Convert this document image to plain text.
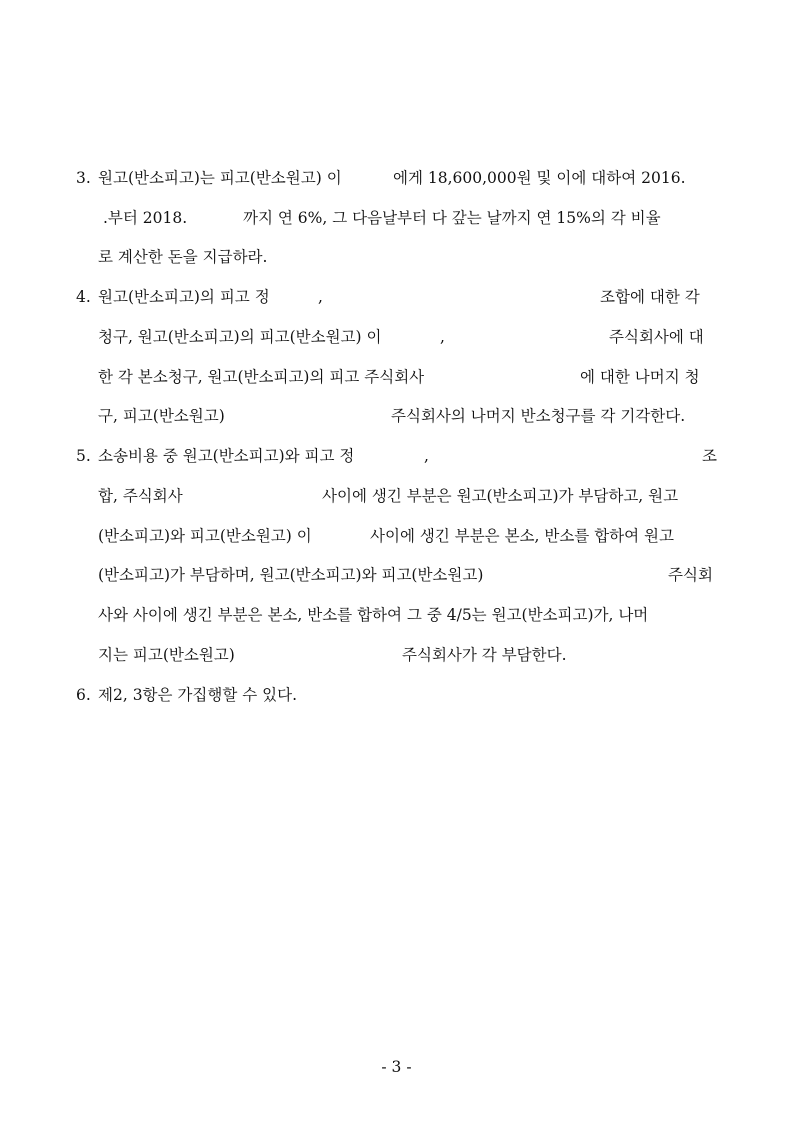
3. 원고(반소피고)는 피고(반소원고) 이	에게 18,600,000원 및 이에 대하여 2016.
.부터 2018.	까지 연 6%, 그 다음날부터 다 갚는 날까지 연 15%의 각 비율
로 계산한 돈을 지급하라.
4. 원고(반소피고)의 피고 정	,	조합에 대한 각
청구, 원고(반소피고)의 피고(반소원고) 이	,	주식회사에 대
한 각 본소청구, 원고(반소피고)의 피고 주식회사	에 대한 나머지 청
구, 피고(반소원고)	주식회사의 나머지 반소청구를 각 기각한다.
5. 소송비용 중 원고(반소피고)와 피고 정	,	조
합, 주식회사	사이에 생긴 부분은 원고(반소피고)가 부담하고, 원고
(반소피고)와 피고(반소원고) 이	사이에 생긴 부분은 본소, 반소를 합하여 원고
(반소피고)가 부담하며, 원고(반소피고)와 피고(반소원고)	주식회
사와 사이에 생긴 부분은 본소, 반소를 합하여 그 중 4/5는 원고(반소피고)가, 나머
지는 피고(반소원고)	주식회사가 각 부담한다.
6. 제2, 3항은 가집행할 수 있다.
- 3 -
